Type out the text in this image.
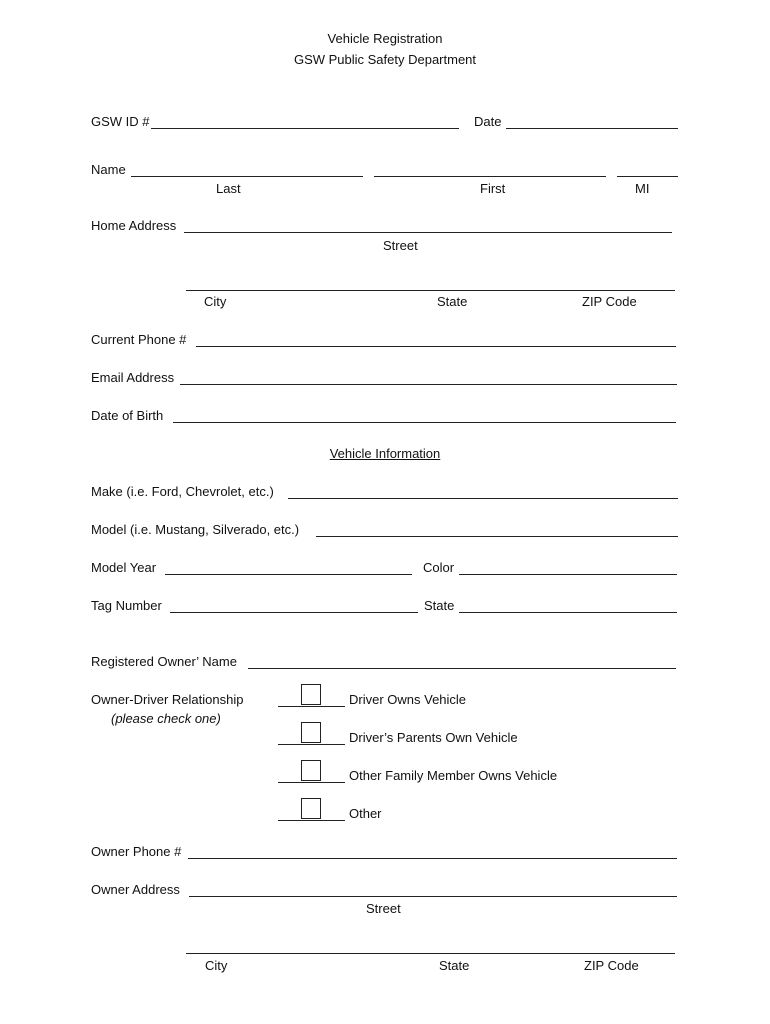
Vehicle Registration
GSW Public Safety Department
GSW ID #	Date
Name
Last	First	MI
Home Address
Street
City	State	ZIP Code
Current Phone #
Email Address
Date of Birth
Vehicle Information
Make (i.e. Ford, Chevrolet, etc.)
Model (i.e. Mustang, Silverado, etc.)
Model Year	Color
Tag Number	State
Registered Owner’ Name
Owner-Driver Relationship
(please check one)
Driver Owns Vehicle
Driver’s Parents Own Vehicle
Other Family Member Owns Vehicle
Other
Owner Phone #
Owner Address
Street
City	State	ZIP Code
